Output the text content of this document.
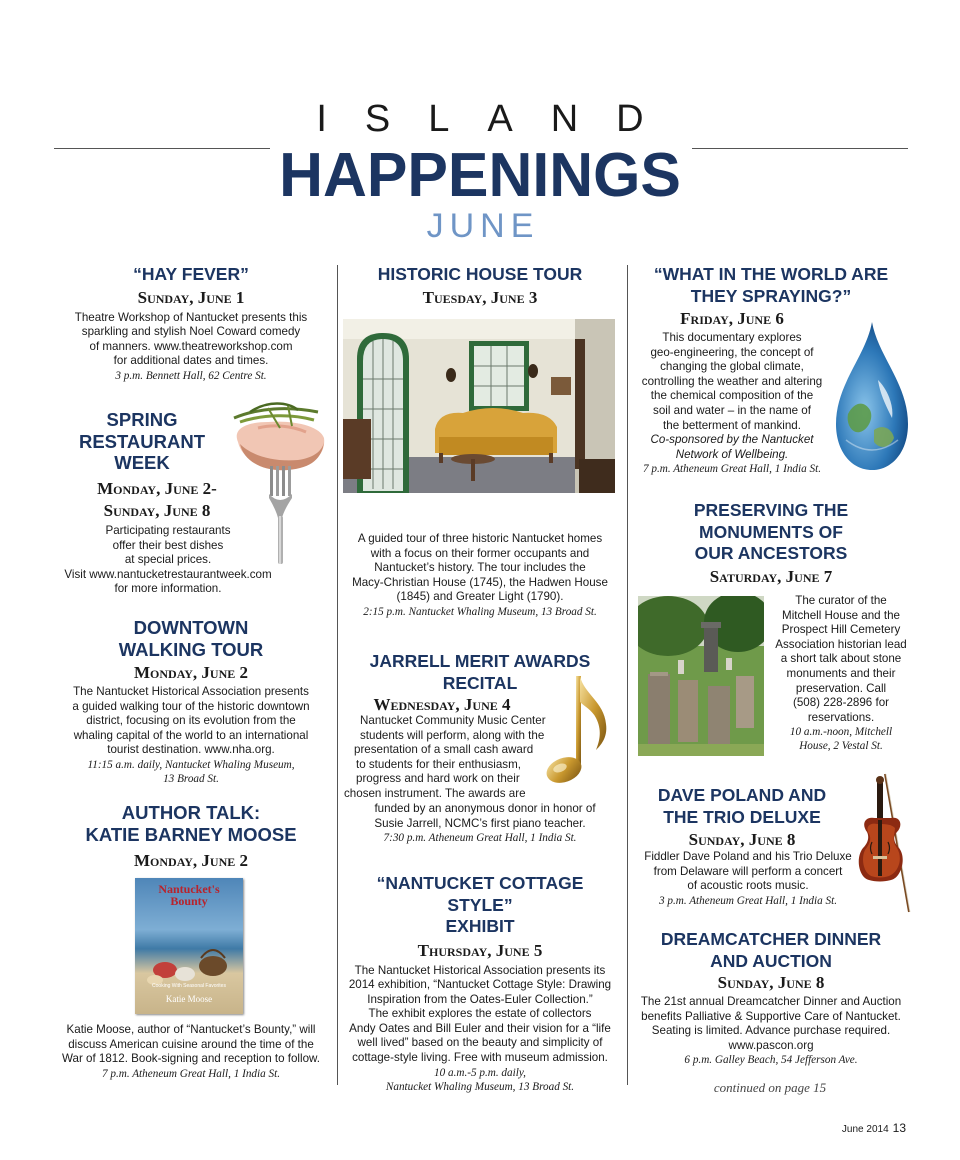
ISLAND
HAPPENINGS
JUNE
“HAY FEVER”
Sunday, June 1
Theatre Workshop of Nantucket presents this
sparkling and stylish Noel Coward comedy
of manners. www.theatreworkshop.com
for additional dates and times.
3 p.m. Bennett Hall, 62 Centre St.
SPRING
RESTAURANT
WEEK
Monday, June 2-
Sunday, June 8
Participating restaurants
offer their best dishes
at special prices.
Visit www.nantucketrestaurantweek.com
for more information.
DOWNTOWN
WALKING TOUR
Monday, June 2
The Nantucket Historical Association presents
a guided walking tour of the historic downtown
district, focusing on its evolution from the
whaling capital of the world to an international
tourist destination. www.nha.org.
11:15 a.m. daily, Nantucket Whaling Museum,
13 Broad St.
AUTHOR TALK:
KATIE BARNEY MOOSE
Monday, June 2
Nantucket's
Bounty
Cooking With Seasonal Favorites
Katie Moose
Katie Moose, author of “Nantucket’s Bounty,” will
discuss American cuisine around the time of the
War of 1812. Book-signing and reception to follow.
7 p.m. Atheneum Great Hall, 1 India St.
HISTORIC HOUSE TOUR
Tuesday, June 3
A guided tour of three historic Nantucket homes
with a focus on their former occupants and
Nantucket’s history. The tour includes the
Macy-Christian House (1745), the Hadwen House
(1845) and Greater Light (1790).
2:15 p.m. Nantucket Whaling Museum, 13 Broad St.
JARRELL MERIT AWARDS
RECITAL
Wednesday, June 4
Nantucket Community Music Center
students will perform, along with the
presentation of a small cash award
to students for their enthusiasm,
progress and hard work on their
chosen instrument. The awards are
funded by an anonymous donor in honor of
Susie Jarrell, NCMC’s first piano teacher.
7:30 p.m. Atheneum Great Hall, 1 India St.
“NANTUCKET COTTAGE STYLE”
EXHIBIT
Thursday, June 5
The Nantucket Historical Association presents its
2014 exhibition, “Nantucket Cottage Style: Drawing
Inspiration from the Oates-Euler Collection.”
The exhibit explores the estate of collectors
Andy Oates and Bill Euler and their vision for a “life
well lived” based on the beauty and simplicity of
cottage-style living. Free with museum admission.
10 a.m.-5 p.m. daily,
Nantucket Whaling Museum, 13 Broad St.
“WHAT IN THE WORLD ARE
THEY SPRAYING?”
Friday, June 6
This documentary explores
geo-engineering, the concept of
changing the global climate,
controlling the weather and altering
the chemical composition of the
soil and water – in the name of
the betterment of mankind.
Co-sponsored by the Nantucket
Network of Wellbeing.
7 p.m. Atheneum Great Hall, 1 India St.
PRESERVING THE
MONUMENTS OF
OUR ANCESTORS
Saturday, June 7
The curator of the
Mitchell House and the
Prospect Hill Cemetery
Association historian lead
a short talk about stone
monuments and their
preservation. Call
(508) 228-2896 for
reservations.
10 a.m.-noon, Mitchell
House, 2 Vestal St.
DAVE POLAND AND
THE TRIO DELUXE
Sunday, June 8
Fiddler Dave Poland and his Trio Deluxe
from Delaware will perform a concert
of acoustic roots music.
3 p.m. Atheneum Great Hall, 1 India St.
DREAMCATCHER DINNER
AND AUCTION
Sunday, June 8
The 21st annual Dreamcatcher Dinner and Auction
benefits Palliative & Supportive Care of Nantucket.
Seating is limited. Advance purchase required.
www.pascon.org
6 p.m. Galley Beach, 54 Jefferson Ave.
continued on page 15
June 2014 13
